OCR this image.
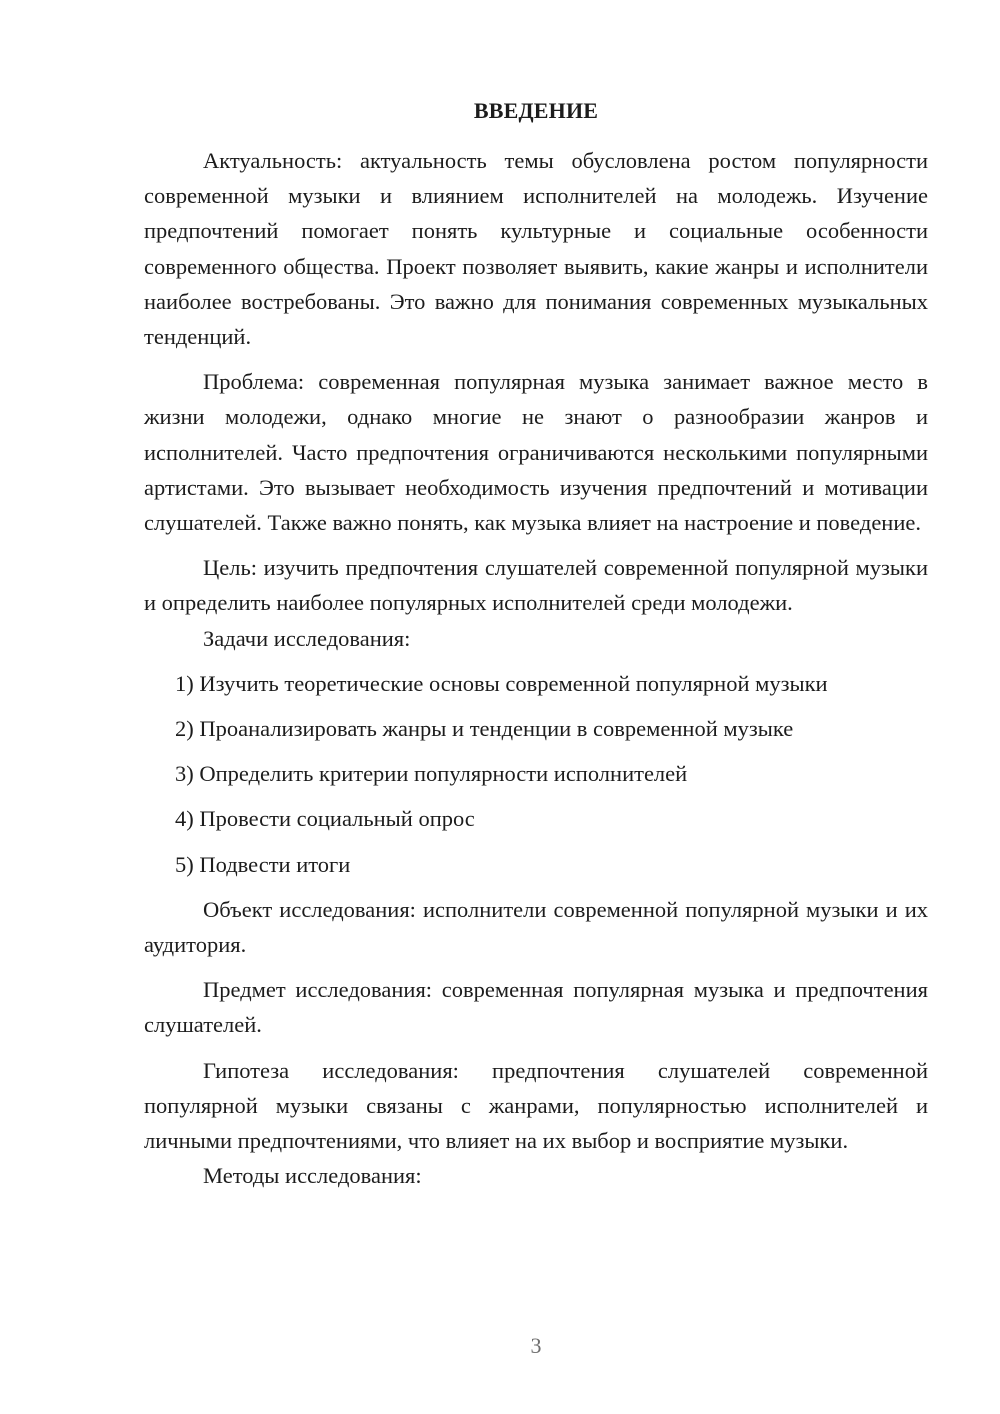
ВВЕДЕНИЕ

Актуальность: актуальность темы обусловлена ростом популярности современной музыки и влиянием исполнителей на молодежь. Изучение предпочтений помогает понять культурные и социальные особенности современного общества. Проект позволяет выявить, какие жанры и исполнители наиболее востребованы. Это важно для понимания современных музыкальных тенденций.

Проблема: современная популярная музыка занимает важное место в жизни молодежи, однако многие не знают о разнообразии жанров и исполнителей. Часто предпочтения ограничиваются несколькими популярными артистами. Это вызывает необходимость изучения предпочтений и мотивации слушателей. Также важно понять, как музыка влияет на настроение и поведение.

Цель: изучить предпочтения слушателей современной популярной музыки и определить наиболее популярных исполнителей среди молодежи.

Задачи исследования:

1) Изучить теоретические основы современной популярной музыки

2) Проанализировать жанры и тенденции в современной музыке

3) Определить критерии популярности исполнителей

4) Провести социальный опрос

5) Подвести итоги

Объект исследования: исполнители современной популярной музыки и их аудитория.

Предмет исследования: современная популярная музыка и предпочтения слушателей.

Гипотеза исследования: предпочтения слушателей современной популярной музыки связаны с жанрами, популярностью исполнителей и личными предпочтениями, что влияет на их выбор и восприятие музыки.

Методы исследования:

3
